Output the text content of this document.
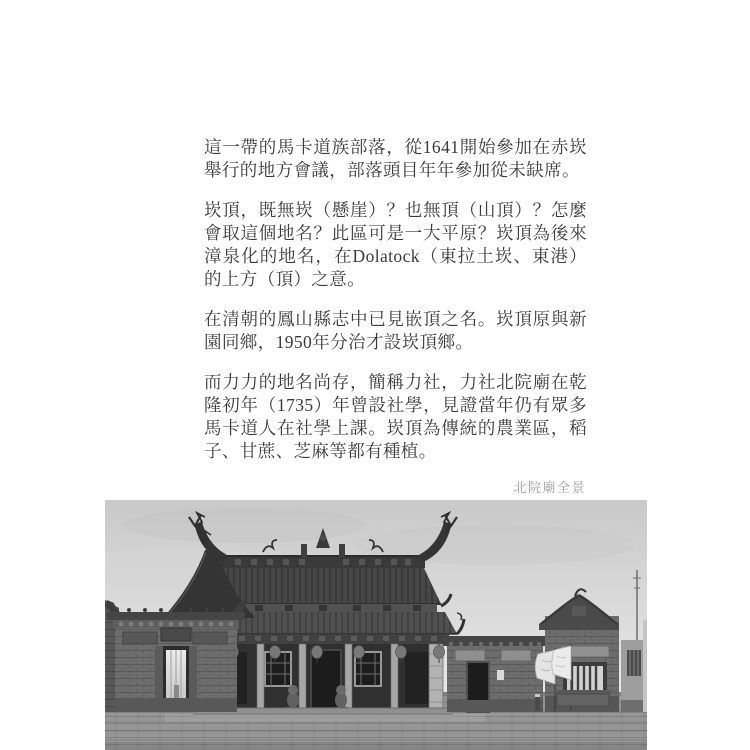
這一帶的馬卡道族部落，從1641開始參加在赤崁舉行的地方會議，部落頭目年年參加從未缺席。

崁頂，既無崁（懸崖）？也無頂（山頂）？怎麼會取這個地名？此區可是一大平原？崁頂為後來漳泉化的地名，在Dolatock（東拉土崁、東港）的上方（頂）之意。

在清朝的鳳山縣志中已見嵌頂之名。崁頂原與新園同鄉，1950年分治才設崁頂鄉。

而力力的地名尚存，簡稱力社，力社北院廟在乾隆初年（1735）年曾設社學，見證當年仍有眾多馬卡道人在社學上課。崁頂為傳統的農業區，稻子、甘蔗、芝麻等都有種植。

北院廟全景
